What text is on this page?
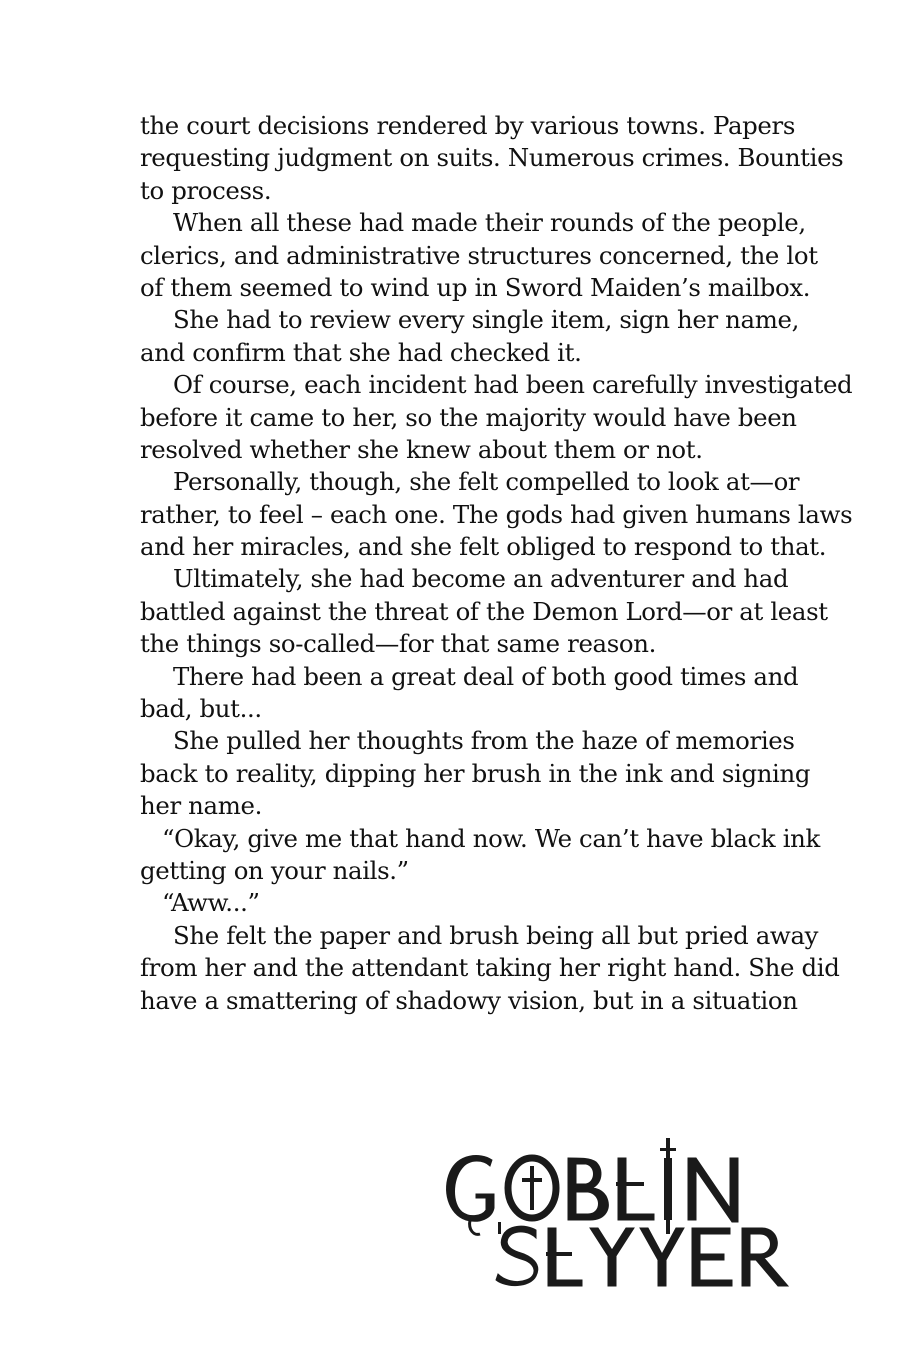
the court decisions rendered by various towns. Papers
requesting judgment on suits. Numerous crimes. Bounties
to process.
When all these had made their rounds of the people,
clerics, and administrative structures concerned, the lot
of them seemed to wind up in Sword Maiden’s mailbox.
She had to review every single item, sign her name,
and confirm that she had checked it.
Of course, each incident had been carefully investigated
before it came to her, so the majority would have been
resolved whether she knew about them or not.
Personally, though, she felt compelled to look at—or
rather, to feel – each one. The gods had given humans laws
and her miracles, and she felt obliged to respond to that.
Ultimately, she had become an adventurer and had
battled against the threat of the Demon Lord—or at least
the things so-called—for that same reason.
There had been a great deal of both good times and
bad, but...
She pulled her thoughts from the haze of memories
back to reality, dipping her brush in the ink and signing
her name.
“Okay, give me that hand now. We can’t have black ink
getting on your nails.”
“Aww...”
She felt the paper and brush being all but pried away
from her and the attendant taking her right hand. She did
have a smattering of shadowy vision, but in a situation
